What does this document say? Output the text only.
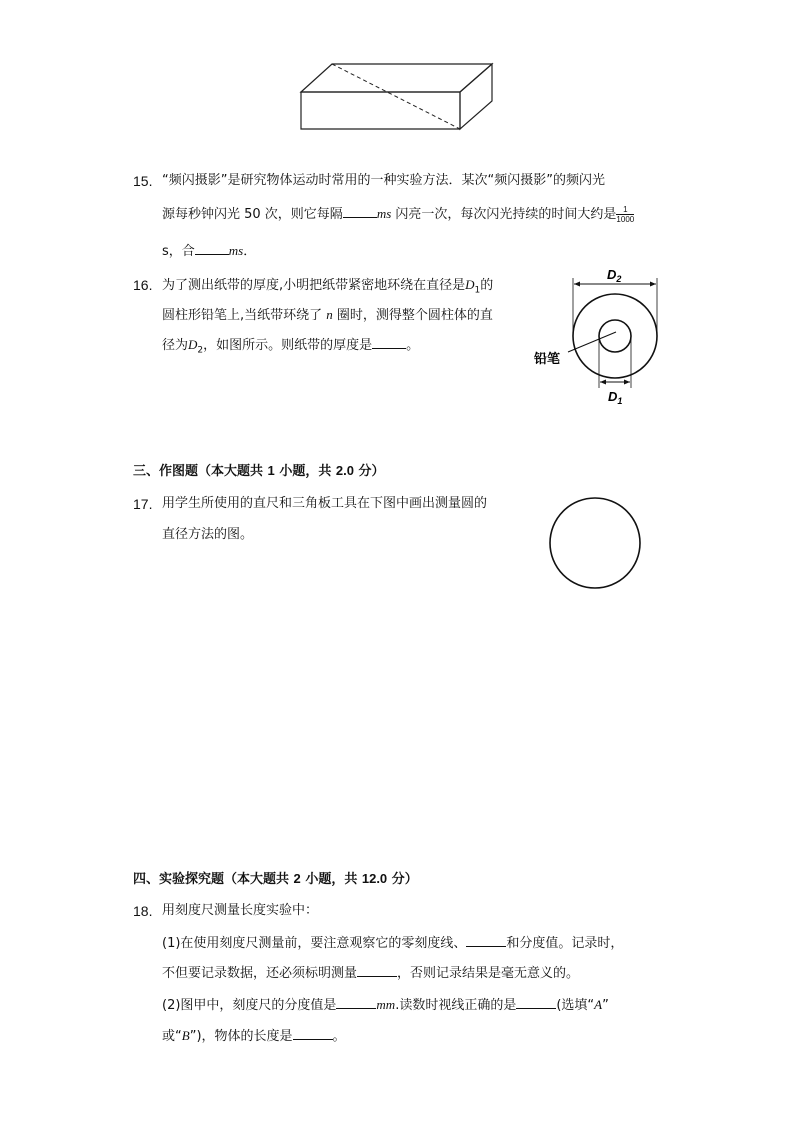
15. “频闪摄影”是研究物体运动时常用的一种实验方法．某次“频闪摄影”的频闪光
源每秒钟闪光 50 次，则它每隔	ms 闪亮一次，每次闪光持续的时间大约是 $\frac{1}{1000}$
s，合	ms．
16. 为了测出纸带的厚度,小明把纸带紧密地环绕在直径是$D_1$的
圆柱形铅笔上,当纸带环绕了 n 圈时，测得整个圆柱体的直
径为$D_2$，如图所示。则纸带的厚度是	。
$D_2$
$D_1$
铅笔
三、作图题（本大题共 1 小题，共 2.0 分）
17. 用学生所使用的直尺和三角板工具在下图中画出测量圆的
直径方法的图。
四、实验探究题（本大题共 2 小题，共 12.0 分）
18. 用刻度尺测量长度实验中：
(1)在使用刻度尺测量前，要注意观察它的零刻度线、	和分度值。记录时，
不但要记录数据，还必须标明测量	，否则记录结果是毫无意义的。
(2)图甲中，刻度尺的分度值是	mm.读数时视线正确的是	(选填“A”
或“B”)，物体的长度是	。
